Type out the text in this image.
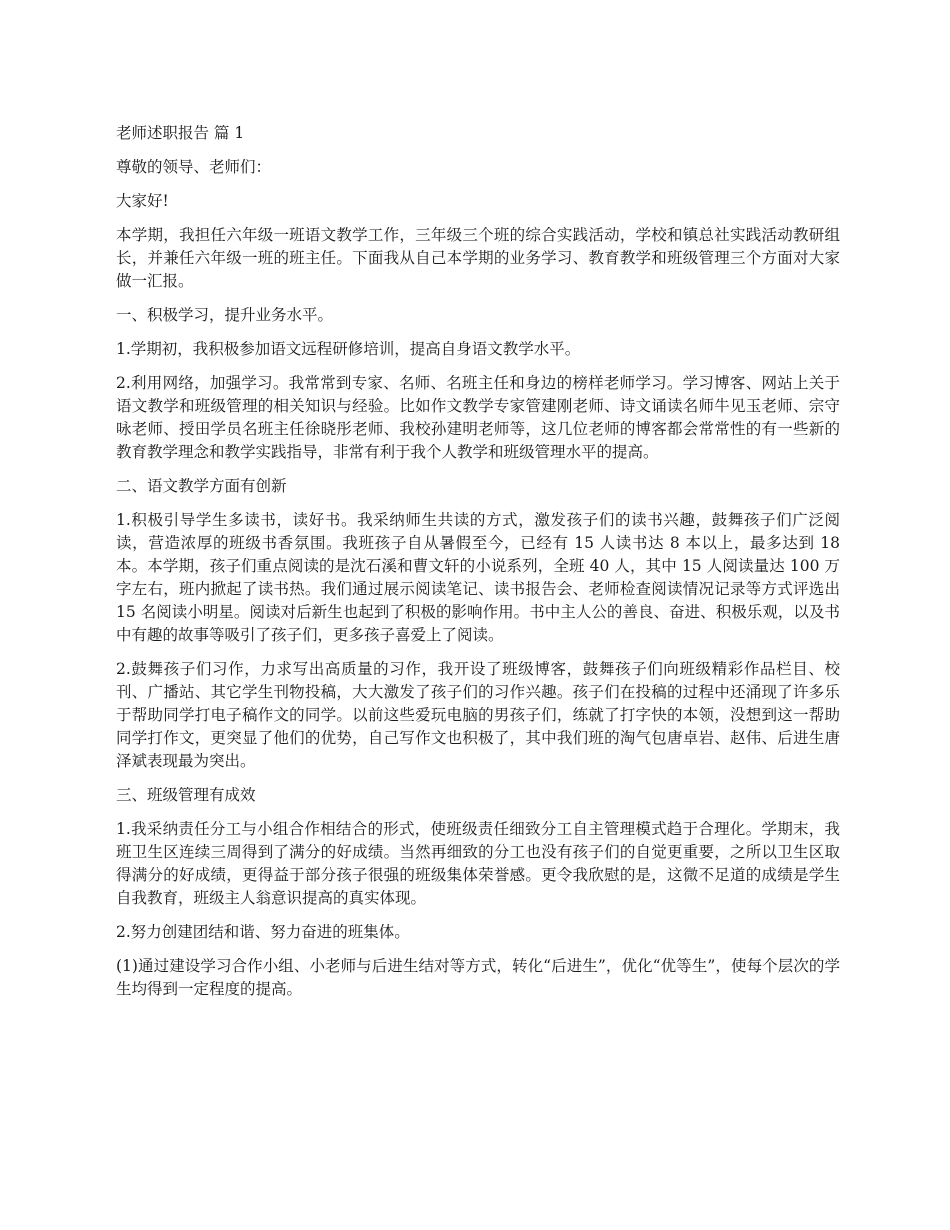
老师述职报告 篇 1

尊敬的领导、老师们：

大家好!

本学期，我担任六年级一班语文教学工作，三年级三个班的综合实践活动，学校和镇总社实践活动教研组长，并兼任六年级一班的班主任。下面我从自己本学期的业务学习、教育教学和班级管理三个方面对大家做一汇报。

一、积极学习，提升业务水平。

1.学期初，我积极参加语文远程研修培训，提高自身语文教学水平。

2.利用网络，加强学习。我常常到专家、名师、名班主任和身边的榜样老师学习。学习博客、网站上关于语文教学和班级管理的相关知识与经验。比如作文教学专家管建刚老师、诗文诵读名师牛见玉老师、宗守咏老师、授田学员名班主任徐晓彤老师、我校孙建明老师等，这几位老师的博客都会常常性的有一些新的教育教学理念和教学实践指导，非常有利于我个人教学和班级管理水平的提高。

二、语文教学方面有创新

1.积极引导学生多读书，读好书。我采纳师生共读的方式，激发孩子们的读书兴趣，鼓舞孩子们广泛阅读，营造浓厚的班级书香氛围。我班孩子自从暑假至今，已经有 15 人读书达 8 本以上，最多达到 18 本。本学期，孩子们重点阅读的是沈石溪和曹文轩的小说系列，全班 40 人，其中 15 人阅读量达 100 万字左右，班内掀起了读书热。我们通过展示阅读笔记、读书报告会、老师检查阅读情况记录等方式评选出 15 名阅读小明星。阅读对后新生也起到了积极的影响作用。书中主人公的善良、奋进、积极乐观，以及书中有趣的故事等吸引了孩子们，更多孩子喜爱上了阅读。

2.鼓舞孩子们习作，力求写出高质量的习作，我开设了班级博客，鼓舞孩子们向班级精彩作品栏目、校刊、广播站、其它学生刊物投稿，大大激发了孩子们的习作兴趣。孩子们在投稿的过程中还涌现了许多乐于帮助同学打电子稿作文的同学。以前这些爱玩电脑的男孩子们，练就了打字快的本领，没想到这一帮助同学打作文，更突显了他们的优势，自己写作文也积极了，其中我们班的淘气包唐卓岩、赵伟、后进生唐泽斌表现最为突出。

三、班级管理有成效

1.我采纳责任分工与小组合作相结合的形式，使班级责任细致分工自主管理模式趋于合理化。学期末，我班卫生区连续三周得到了满分的好成绩。当然再细致的分工也没有孩子们的自觉更重要，之所以卫生区取得满分的好成绩，更得益于部分孩子很强的班级集体荣誉感。更令我欣慰的是，这微不足道的成绩是学生自我教育，班级主人翁意识提高的真实体现。

2.努力创建团结和谐、努力奋进的班集体。

(1)通过建设学习合作小组、小老师与后进生结对等方式，转化“后进生”，优化“优等生”，使每个层次的学生均得到一定程度的提高。
